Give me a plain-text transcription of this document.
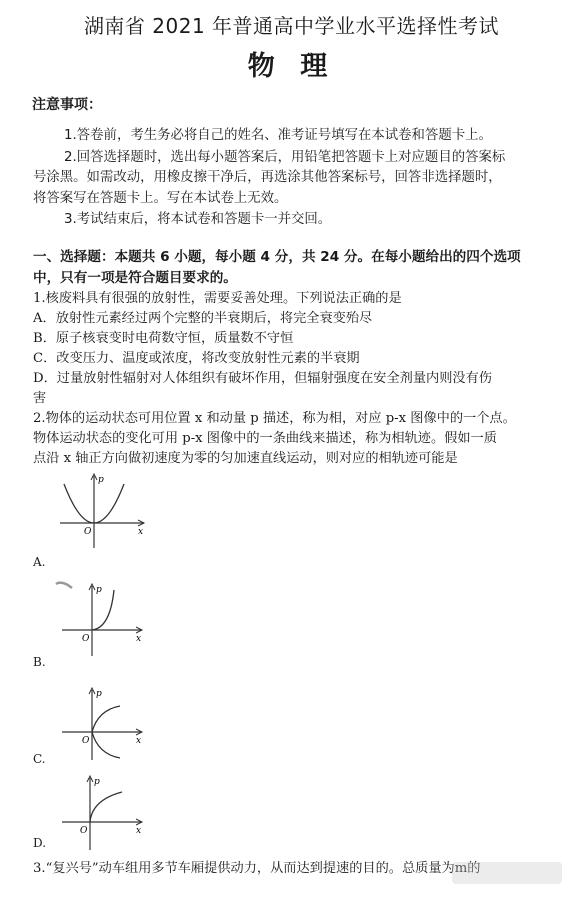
湖南省 2021 年普通高中学业水平选择性考试
物 理
注意事项：
1.答卷前，考生务必将自己的姓名、准考证号填写在本试卷和答题卡上。
2.回答选择题时，选出每小题答案后，用铅笔把答题卡上对应题目的答案标
号涂黑。如需改动，用橡皮擦干净后，再选涂其他答案标号，回答非选择题时，
将答案写在答题卡上。写在本试卷上无效。
3.考试结束后，将本试卷和答题卡一并交回。
一、选择题：本题共 6 小题，每小题 4 分，共 24 分。在每小题给出的四个选项
中，只有一项是符合题目要求的。
1.核废料具有很强的放射性，需要妥善处理。下列说法正确的是
A．放射性元素经过两个完整的半衰期后，将完全衰变殆尽
B．原子核衰变时电荷数守恒，质量数不守恒
C．改变压力、温度或浓度，将改变放射性元素的半衰期
D．过量放射性辐射对人体组织有破坏作用，但辐射强度在安全剂量内则没有伤
害
2.物体的运动状态可用位置 x 和动量 p 描述，称为相，对应 p-x 图像中的一个点。
物体运动状态的变化可用 p-x 图像中的一条曲线来描述，称为相轨迹。假如一质
点沿 x 轴正方向做初速度为零的匀加速直线运动，则对应的相轨迹可能是
p
x
O
A.
p
x
O
B.
p
x
O
C.
p
x
O
D.
3.“复兴号”动车组用多节车厢提供动力，从而达到提速的目的。总质量为m的
